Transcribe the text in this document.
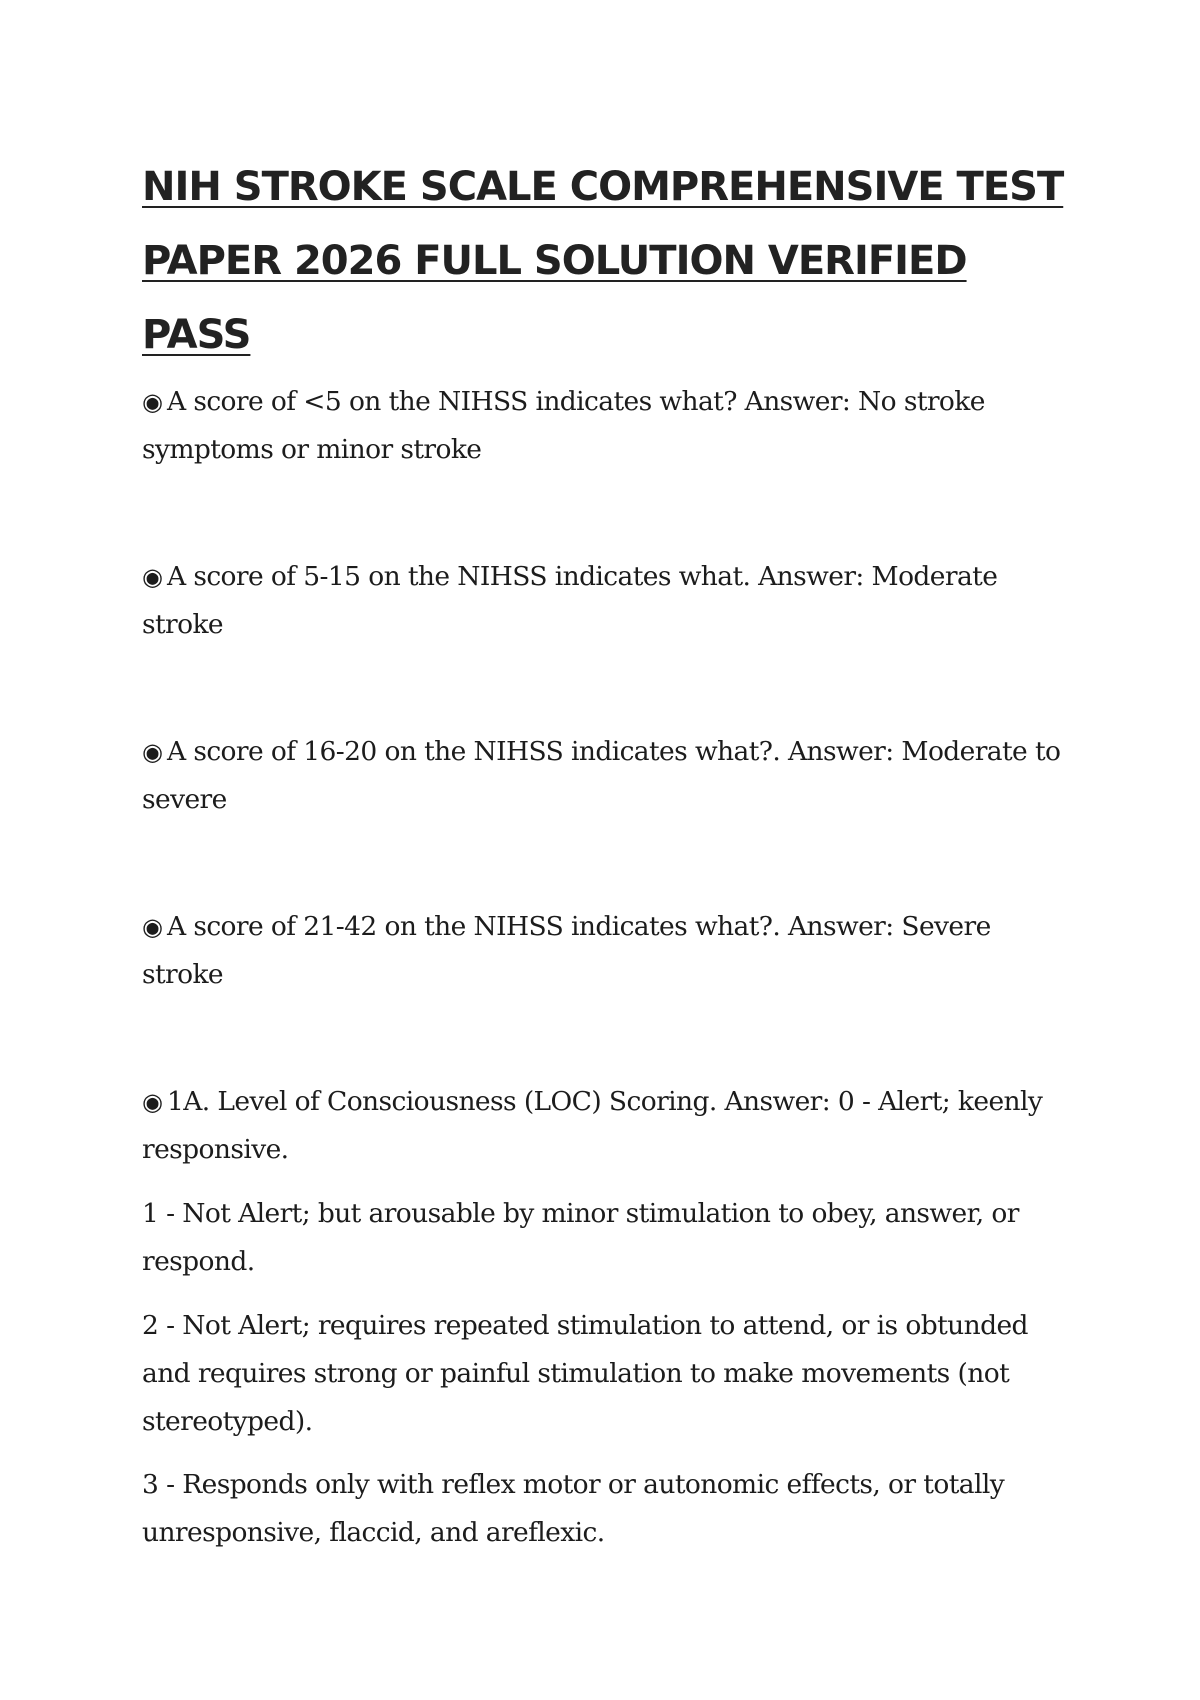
NIH STROKE SCALE COMPREHENSIVE TEST PAPER 2026 FULL SOLUTION VERIFIED PASS

◉ A score of <5 on the NIHSS indicates what? Answer: No stroke symptoms or minor stroke

◉ A score of 5-15 on the NIHSS indicates what. Answer: Moderate stroke

◉ A score of 16-20 on the NIHSS indicates what?. Answer: Moderate to severe

◉ A score of 21-42 on the NIHSS indicates what?. Answer: Severe stroke

◉ 1A. Level of Consciousness (LOC) Scoring. Answer: 0 - Alert; keenly responsive.

1 - Not Alert; but arousable by minor stimulation to obey, answer, or respond.

2 - Not Alert; requires repeated stimulation to attend, or is obtunded and requires strong or painful stimulation to make movements (not stereotyped).

3 - Responds only with reflex motor or autonomic effects, or totally unresponsive, flaccid, and areflexic.
